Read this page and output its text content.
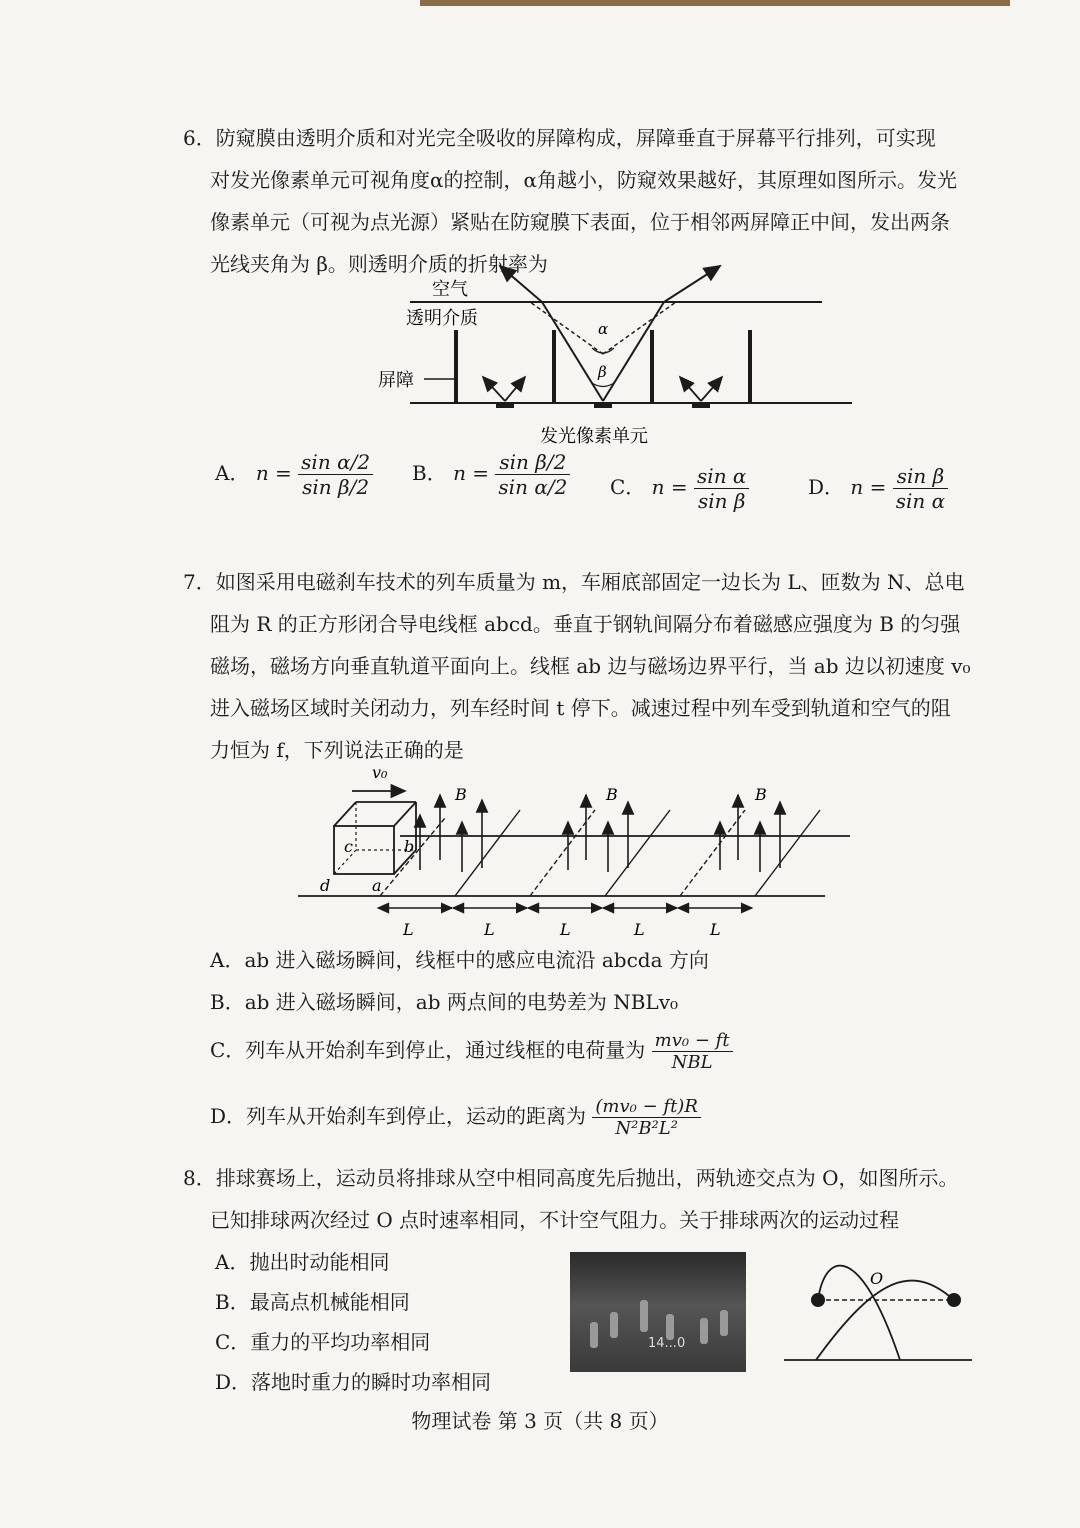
6．防窥膜由透明介质和对光完全吸收的屏障构成，屏障垂直于屏幕平行排列，可实现
对发光像素单元可视角度α的控制，α角越小，防窥效果越好，其原理如图所示。发光
像素单元（可视为点光源）紧贴在防窥膜下表面，位于相邻两屏障正中间，发出两条
光线夹角为 β。则透明介质的折射率为
空气
透明介质
屏障
α
β
发光像素单元
A． $n = \frac{\text{sin α/2}}{\text{sin β/2}}$ B． $n = \frac{\text{sin β/2}}{\text{sin α/2}}$ C． $n = \frac{\text{sin α}}{\text{sin β}}$	D． $n = \frac{\text{sin β}}{\text{sin α}}$
7．如图采用电磁刹车技术的列车质量为 m，车厢底部固定一边长为 L、匝数为 N、总电
阻为 R 的正方形闭合导电线框 abcd。垂直于钢轨间隔分布着磁感应强度为 B 的匀强
磁场，磁场方向垂直轨道平面向上。线框 ab 边与磁场边界平行，当 ab 边以初速度 v₀
进入磁场区域时关闭动力，列车经时间 t 停下。减速过程中列车受到轨道和空气的阻
力恒为 f，下列说法正确的是
c	b
d	a
v₀
B	B	B
L	L	L	L	L
A．ab 进入磁场瞬间，线框中的感应电流沿 abcda 方向
B．ab 进入磁场瞬间，ab 两点间的电势差为 NBLv₀
C．列车从开始刹车到停止，通过线框的电荷量为 $\frac{\text{mv₀ − ft}}{\text{NBL}}$
D．列车从开始刹车到停止，运动的距离为 $\frac{\text{(mv₀ − ft)R}}{\text{N²B²L²}}$
8．排球赛场上，运动员将排球从空中相同高度先后抛出，两轨迹交点为 O，如图所示。
已知排球两次经过 O 点时速率相同，不计空气阻力。关于排球两次的运动过程
A．抛出时动能相同
B．最高点机械能相同
C．重力的平均功率相同
D．落地时重力的瞬时功率相同
14...0
O
物理试卷 第 3 页（共 8 页）
